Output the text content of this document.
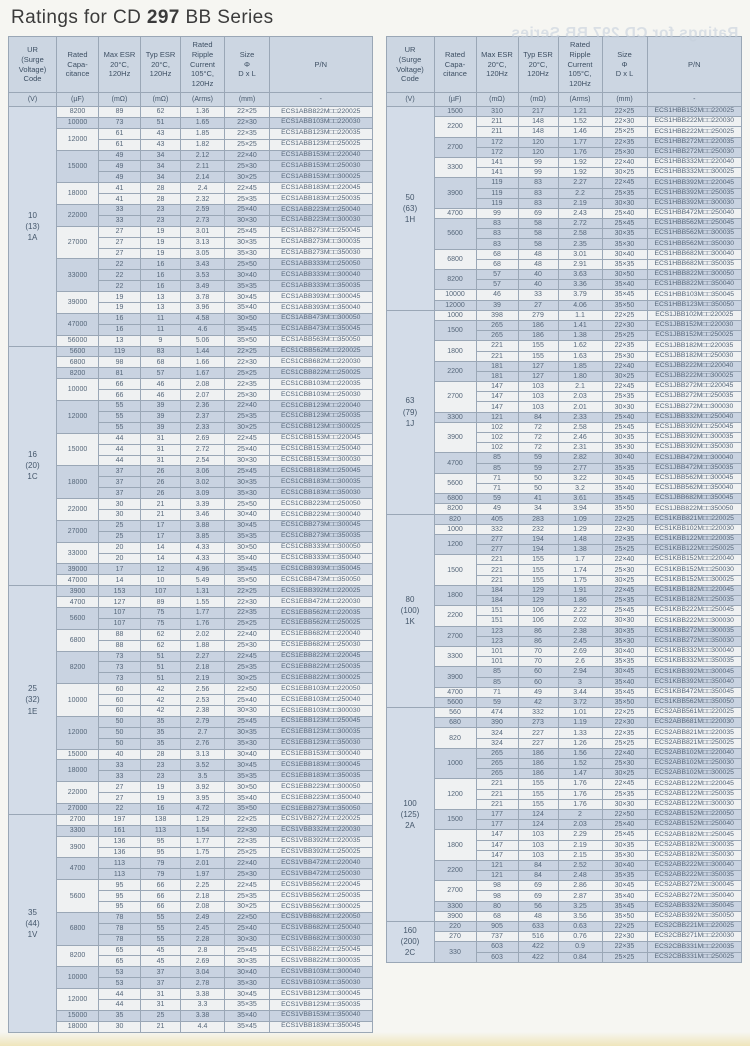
Ratings for CD 297 BB Series
Ratings for CD 297 BB Series
UR
(Surge
Voltage)
Code	Rated
Capa-
citance	Max ESR
20°C,
120Hz	Typ ESR
20°C,
120Hz	Rated
Ripple
Current
105°C,
120Hz	Size
Φ
D x L	P/N
(V)	(µF)	(mΩ)	(mΩ)	(Arms)	(mm)	-
10
(13)
1A	8200	89	62	1.36	22×25	ECS1ABB822M□□220025
	10000	73	51	1.65	22×30	ECS1ABB103M□□220030
	12000	61	43	1.85	22×35	ECS1ABB123M□□220035
		61	43	1.82	25×25	ECS1ABB123M□□250025
	15000	49	34	2.12	22×40	ECS1ABB153M□□220040
		49	34	2.11	25×30	ECS1ABB153M□□250030
		49	34	2.14	30×25	ECS1ABB153M□□300025
	18000	41	28	2.4	22×45	ECS1ABB183M□□220045
		41	28	2.32	25×35	ECS1ABB183M□□250035
	22000	33	23	2.59	25×40	ECS1ABB223M□□250040
		33	23	2.73	30×30	ECS1ABB223M□□300030
	27000	27	19	3.01	25×45	ECS1ABB273M□□250045
		27	19	3.13	30×35	ECS1ABB273M□□300035
		27	19	3.05	35×30	ECS1ABB273M□□350030
	33000	22	16	3.43	25×50	ECS1ABB333M□□250050
		22	16	3.53	30×40	ECS1ABB333M□□300040
		22	16	3.49	35×35	ECS1ABB333M□□350035
	39000	19	13	3.78	30×45	ECS1ABB393M□□300045
		19	13	3.96	35×40	ECS1ABB393M□□350040
	47000	16	11	4.58	30×50	ECS1ABB473M□□300050
		16	11	4.6	35×45	ECS1ABB473M□□350045
	56000	13	9	5.06	35×50	ECS1ABB563M□□350050
16
(20)
1C	5600	119	83	1.44	22×25	ECS1CBB562M□□220025
	6800	98	68	1.66	22×30	ECS1CBB682M□□220030
	8200	81	57	1.67	25×25	ECS1CBB822M□□250025
	10000	66	46	2.08	22×35	ECS1CBB103M□□220035
		66	46	2.07	25×30	ECS1CBB103M□□250030
	12000	55	39	2.36	22×40	ECS1CBB123M□□220040
		55	39	2.37	25×35	ECS1CBB123M□□250035
		55	39	2.33	30×25	ECS1CBB123M□□300025
	15000	44	31	2.69	22×45	ECS1CBB153M□□220045
		44	31	2.72	25×40	ECS1CBB153M□□250040
		44	31	2.54	30×30	ECS1CBB153M□□300030
	18000	37	26	3.06	25×45	ECS1CBB183M□□250045
		37	26	3.02	30×35	ECS1CBB183M□□300035
		37	26	3.09	35×30	ECS1CBB183M□□350030
	22000	30	21	3.39	25×50	ECS1CBB223M□□250050
		30	21	3.46	30×40	ECS1CBB223M□□300040
	27000	25	17	3.88	30×45	ECS1CBB273M□□300045
		25	17	3.85	35×35	ECS1CBB273M□□350035
	33000	20	14	4.33	30×50	ECS1CBB333M□□300050
		20	14	4.33	35×40	ECS1CBB333M□□350040
	39000	17	12	4.96	35×45	ECS1CBB393M□□350045
	47000	14	10	5.49	35×50	ECS1CBB473M□□350050
25
(32)
1E	3900	153	107	1.31	22×25	ECS1EBB392M□□220025
	4700	127	89	1.55	22×30	ECS1EBB472M□□220030
	5600	107	75	1.77	22×35	ECS1EBB562M□□220035
		107	75	1.76	25×25	ECS1EBB562M□□250025
	6800	88	62	2.02	22×40	ECS1EBB682M□□220040
		88	62	1.88	25×30	ECS1EBB682M□□250030
	8200	73	51	2.27	22×45	ECS1EBB822M□□220045
		73	51	2.18	25×35	ECS1EBB822M□□250035
		73	51	2.19	30×25	ECS1EBB822M□□300025
	10000	60	42	2.56	22×50	ECS1EBB103M□□220050
		60	42	2.53	25×40	ECS1EBB103M□□250040
		60	42	2.38	30×30	ECS1EBB103M□□300030
	12000	50	35	2.79	25×45	ECS1EBB123M□□250045
		50	35	2.7	30×35	ECS1EBB123M□□300035
		50	35	2.76	35×30	ECS1EBB123M□□350030
	15000	40	28	3.13	30×40	ECS1EBB153M□□300040
	18000	33	23	3.52	30×45	ECS1EBB183M□□300045
		33	23	3.5	35×35	ECS1EBB183M□□350035
	22000	27	19	3.92	30×50	ECS1EBB223M□□300050
		27	19	3.95	35×40	ECS1EBB223M□□350040
	27000	22	16	4.72	35×50	ECS1EBB273M□□350050
35
(44)
1V	2700	197	138	1.29	22×25	ECS1VBB272M□□220025
	3300	161	113	1.54	22×30	ECS1VBB332M□□220030
	3900	136	95	1.77	22×35	ECS1VBB392M□□220035
		136	95	1.75	25×25	ECS1VBB392M□□250025
	4700	113	79	2.01	22×40	ECS1VBB472M□□220040
		113	79	1.97	25×30	ECS1VBB472M□□250030
	5600	95	66	2.25	22×45	ECS1VBB562M□□220045
		95	66	2.18	25×35	ECS1VBB562M□□250035
		95	66	2.08	30×25	ECS1VBB562M□□300025
	6800	78	55	2.49	22×50	ECS1VBB682M□□220050
		78	55	2.45	25×40	ECS1VBB682M□□250040
		78	55	2.28	30×30	ECS1VBB682M□□300030
	8200	65	45	2.8	25×45	ECS1VBB822M□□250045
		65	45	2.69	30×35	ECS1VBB822M□□300035
	10000	53	37	3.04	30×40	ECS1VBB103M□□300040
		53	37	2.78	35×30	ECS1VBB103M□□350030
	12000	44	31	3.38	30×45	ECS1VBB123M□□300045
		44	31	3.3	35×35	ECS1VBB123M□□350035
	15000	35	25	3.38	35×40	ECS1VBB153M□□350040
	18000	30	21	4.4	35×45	ECS1VBB183M□□350045
UR
(Surge
Voltage)
Code	Rated
Capa-
citance	Max ESR
20°C,
120Hz	Typ ESR
20°C,
120Hz	Rated
Ripple
Current
105°C,
120Hz	Size
Φ
D x L	P/N
(V)	(µF)	(mΩ)	(mΩ)	(Arms)	(mm)	-
50
(63)
1H	1500	310	217	1.21	22×25	ECS1HBB152M□□220025
	2200	211	148	1.52	22×30	ECS1HBB222M□□220030
		211	148	1.46	25×25	ECS1HBB222M□□250025
	2700	172	120	1.77	22×35	ECS1HBB272M□□220035
		172	120	1.76	25×30	ECS1HBB272M□□250030
	3300	141	99	1.92	22×40	ECS1HBB332M□□220040
		141	99	1.92	30×25	ECS1HBB332M□□300025
	3900	119	83	2.27	22×45	ECS1HBB392M□□220045
		119	83	2.2	25×35	ECS1HBB392M□□250035
		119	83	2.19	30×30	ECS1HBB392M□□300030
	4700	99	69	2.43	25×40	ECS1HBB472M□□250040
	5600	83	58	2.72	25×45	ECS1HBB562M□□250045
		83	58	2.58	30×35	ECS1HBB562M□□300035
		83	58	2.35	35×30	ECS1HBB562M□□350030
	6800	68	48	3.01	30×40	ECS1HBB682M□□300040
		68	48	2.91	35×35	ECS1HBB682M□□350035
	8200	57	40	3.63	30×50	ECS1HBB822M□□300050
		57	40	3.36	35×40	ECS1HBB822M□□350040
	10000	46	33	3.79	35×45	ECS1HBB103M□□350045
	12000	39	27	4.06	35×50	ECS1HBB123M□□350050
63
(79)
1J	1000	398	279	1.1	22×25	ECS1JBB102M□□220025
	1500	265	186	1.41	22×30	ECS1JBB152M□□220030
		265	186	1.38	25×25	ECS1JBB152M□□250025
	1800	221	155	1.62	22×35	ECS1JBB182M□□220035
		221	155	1.63	25×30	ECS1JBB182M□□250030
	2200	181	127	1.85	22×40	ECS1JBB222M□□220040
		181	127	1.80	30×25	ECS1JBB222M□□300025
	2700	147	103	2.1	22×45	ECS1JBB272M□□220045
		147	103	2.03	25×35	ECS1JBB272M□□250035
		147	103	2.01	30×30	ECS1JBB272M□□300030
	3300	121	84	2.33	25×40	ECS1JBB332M□□250040
	3900	102	72	2.58	25×45	ECS1JBB392M□□250045
		102	72	2.46	30×35	ECS1JBB392M□□300035
		102	72	2.31	35×30	ECS1JBB392M□□350030
	4700	85	59	2.82	30×40	ECS1JBB472M□□300040
		85	59	2.77	35×35	ECS1JBB472M□□350035
	5600	71	50	3.22	30×45	ECS1JBB562M□□300045
		71	50	3.2	35×40	ECS1JBB562M□□350040
	6800	59	41	3.61	35×45	ECS1JBB682M□□350045
	8200	49	34	3.94	35×50	ECS1JBB822M□□350050
80
(100)
1K	820	405	283	1.09	22×25	ECS1KBB821M□□220025
	1000	332	232	1.29	22×30	ECS1KBB102M□□220030
	1200	277	194	1.48	22×35	ECS1KBB122M□□220035
		277	194	1.38	25×25	ECS1KBB122M□□250025
	1500	221	155	1.7	22×40	ECS1KBB152M□□220040
		221	155	1.74	25×30	ECS1KBB152M□□250030
		221	155	1.75	30×25	ECS1KBB152M□□300025
	1800	184	129	1.91	22×45	ECS1KBB182M□□220045
		184	129	1.86	25×35	ECS1KBB182M□□250035
	2200	151	106	2.22	25×45	ECS1KBB222M□□250045
		151	106	2.02	30×30	ECS1KBB222M□□300030
	2700	123	86	2.38	30×35	ECS1KBB272M□□300035
		123	86	2.45	35×30	ECS1KBB272M□□350030
	3300	101	70	2.69	30×40	ECS1KBB332M□□300040
		101	70	2.6	35×35	ECS1KBB332M□□350035
	3900	85	60	2.94	30×45	ECS1KBB392M□□300045
		85	60	3	35×40	ECS1KBB392M□□350040
	4700	71	49	3.44	35×45	ECS1KBB472M□□350045
	5600	59	42	3.72	35×50	ECS1KBB562M□□350050
100
(125)
2A	560	474	332	1.01	22×25	ECS2ABB561M□□220025
	680	390	273	1.19	22×30	ECS2ABB681M□□220030
	820	324	227	1.33	22×35	ECS2ABB821M□□220035
		324	227	1.26	25×25	ECS2ABB821M□□250025
	1000	265	186	1.56	22×40	ECS2ABB102M□□220040
		265	186	1.52	25×30	ECS2ABB102M□□250030
		265	186	1.47	30×25	ECS2ABB102M□□300025
	1200	221	155	1.76	22×45	ECS2ABB122M□□220045
		221	155	1.76	25×35	ECS2ABB122M□□250035
		221	155	1.76	30×30	ECS2ABB122M□□300030
	1500	177	124	2	22×50	ECS2ABB152M□□220050
		177	124	2.03	25×40	ECS2ABB152M□□250040
	1800	147	103	2.29	25×45	ECS2ABB182M□□250045
		147	103	2.19	30×35	ECS2ABB182M□□300035
		147	103	2.15	35×30	ECS2ABB182M□□350030
	2200	121	84	2.52	30×40	ECS2ABB222M□□300040
		121	84	2.48	35×35	ECS2ABB222M□□350035
	2700	98	69	2.86	30×45	ECS2ABB272M□□300045
		98	69	2.87	35×40	ECS2ABB272M□□350040
	3300	80	56	3.25	35×45	ECS2ABB332M□□350045
	3900	68	48	3.56	35×50	ECS2ABB392M□□350050
160
(200)
2C	220	905	633	0.63	22×25	ECS2CBB221M□□220025
	270	737	516	0.76	22×30	ECS2CBB271M□□220030
	330	603	422	0.9	22×35	ECS2CBB331M□□220035
		603	422	0.84	25×25	ECS2CBB331M□□250025
